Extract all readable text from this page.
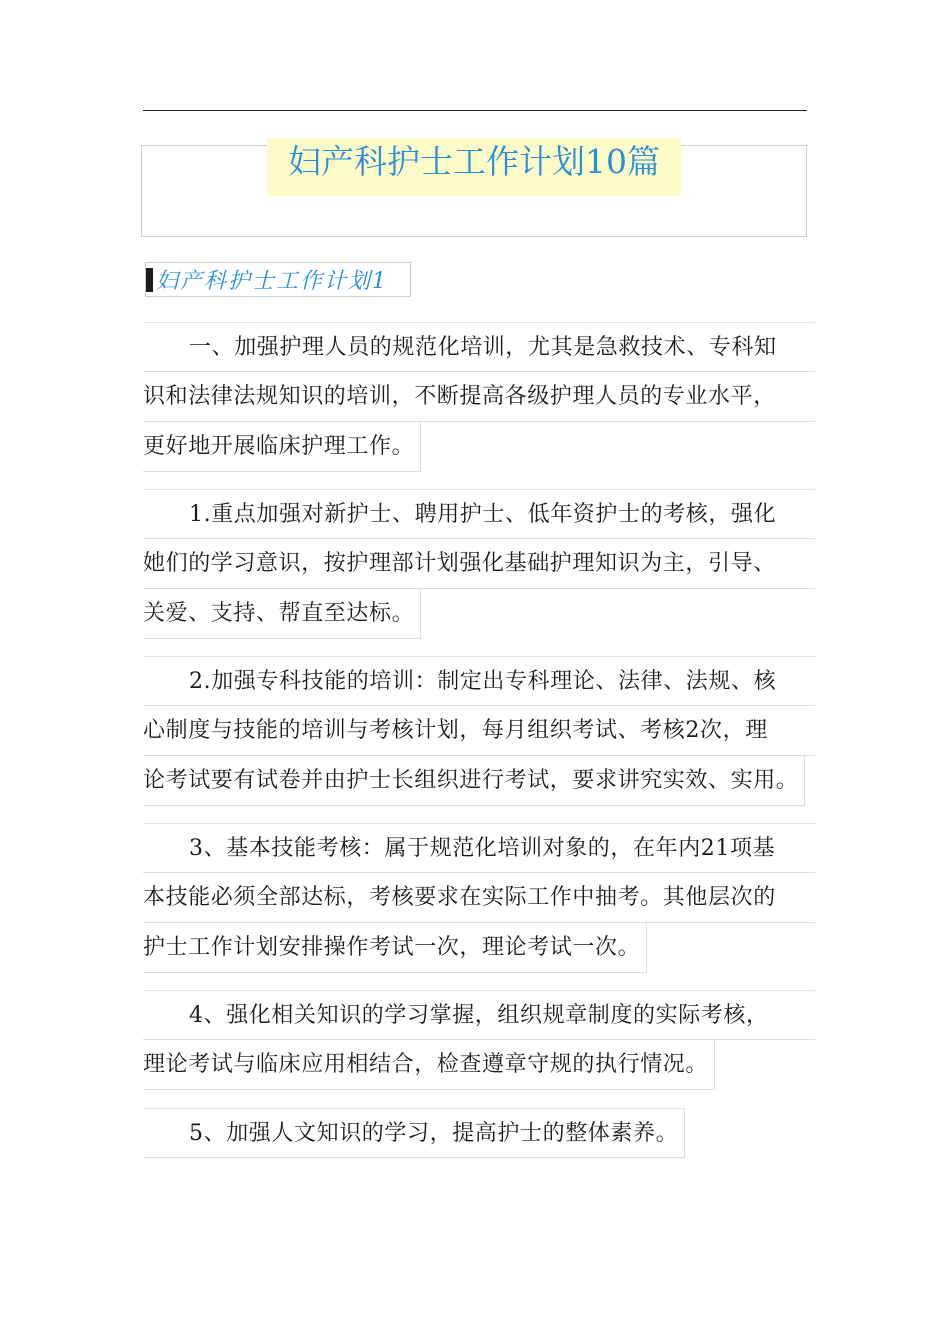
妇产科护士工作计划10篇
妇产科护士工作计划1
一、加强护理人员的规范化培训，尤其是急救技术、专科知
识和法律法规知识的培训，不断提高各级护理人员的专业水平，
更好地开展临床护理工作。
1.重点加强对新护士、聘用护士、低年资护士的考核，强化
她们的学习意识，按护理部计划强化基础护理知识为主，引导、
关爱、支持、帮直至达标。
2.加强专科技能的培训：制定出专科理论、法律、法规、核
心制度与技能的培训与考核计划，每月组织考试、考核2次，理
论考试要有试卷并由护士长组织进行考试，要求讲究实效、实用。
3、基本技能考核：属于规范化培训对象的，在年内21项基
本技能必须全部达标，考核要求在实际工作中抽考。其他层次的
护士工作计划安排操作考试一次，理论考试一次。
4、强化相关知识的学习掌握，组织规章制度的实际考核，
理论考试与临床应用相结合，检查遵章守规的执行情况。
5、加强人文知识的学习，提高护士的整体素养。
